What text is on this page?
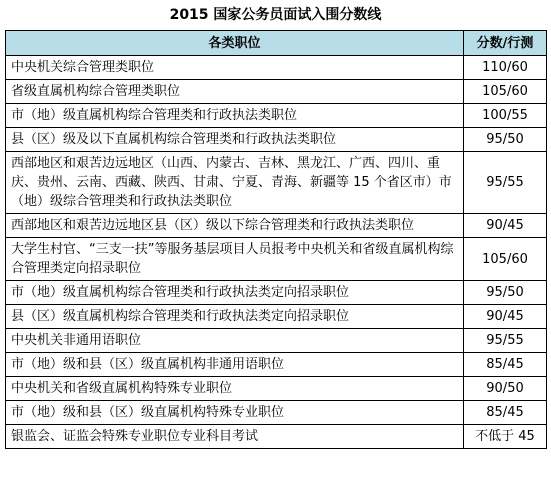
2015 国家公务员面试入围分数线
各类职位	分数/行测
中央机关综合管理类职位	110/60
省级直属机构综合管理类职位	105/60
市（地）级直属机构综合管理类和行政执法类职位	100/55
县（区）级及以下直属机构综合管理类和行政执法类职位	95/50
西部地区和艰苦边远地区（山西、内蒙古、吉林、黑龙江、广西、四川、重庆、贵州、云南、西藏、陕西、甘肃、宁夏、青海、新疆等 15 个省区市）市（地）级综合管理类和行政执法类职位	95/55
西部地区和艰苦边远地区县（区）级以下综合管理类和行政执法类职位	90/45
大学生村官、“三支一扶”等服务基层项目人员报考中央机关和省级直属机构综合管理类定向招录职位	105/60
市（地）级直属机构综合管理类和行政执法类定向招录职位	95/50
县（区）级直属机构综合管理类和行政执法类定向招录职位	90/45
中央机关非通用语职位	95/55
市（地）级和县（区）级直属机构非通用语职位	85/45
中央机关和省级直属机构特殊专业职位	90/50
市（地）级和县（区）级直属机构特殊专业职位	85/45
银监会、证监会特殊专业职位专业科目考试	不低于 45
